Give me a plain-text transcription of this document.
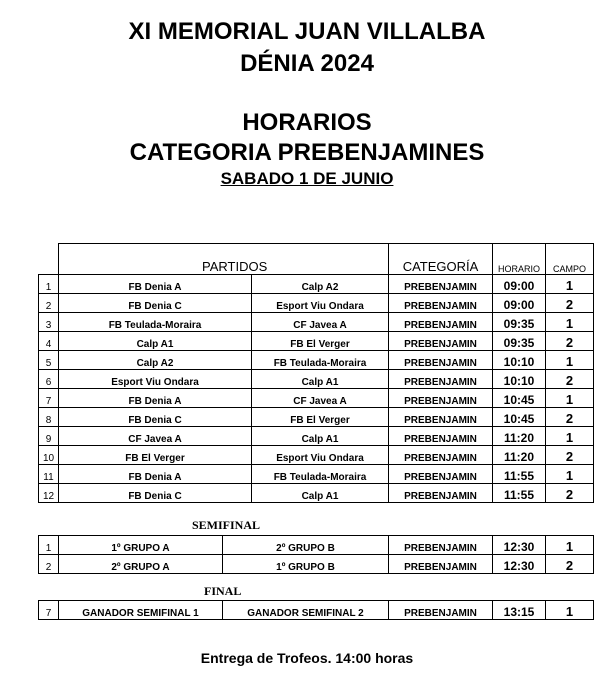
XI MEMORIAL JUAN VILLALBA
DÉNIA 2024
HORARIOS
CATEGORIA PREBENJAMINES
SABADO 1 DE JUNIO
	PARTIDOS		CATEGORÍA	HORARIO	CAMPO
1	FB Denia A	Calp A2	PREBENJAMIN	09:00	1
2	FB Denia C	Esport Viu Ondara	PREBENJAMIN	09:00	2
3	FB Teulada-Moraira	CF Javea A	PREBENJAMIN	09:35	1
4	Calp A1	FB El Verger	PREBENJAMIN	09:35	2
5	Calp A2	FB Teulada-Moraira	PREBENJAMIN	10:10	1
6	Esport Viu Ondara	Calp A1	PREBENJAMIN	10:10	2
7	FB Denia A	CF Javea A	PREBENJAMIN	10:45	1
8	FB Denia C	FB El Verger	PREBENJAMIN	10:45	2
9	CF Javea A	Calp A1	PREBENJAMIN	11:20	1
10	FB El Verger	Esport Viu Ondara	PREBENJAMIN	11:20	2
11	FB Denia A	FB Teulada-Moraira	PREBENJAMIN	11:55	1
12	FB Denia C	Calp A1	PREBENJAMIN	11:55	2
SEMIFINAL
1	1º GRUPO A	2º GRUPO B	PREBENJAMIN	12:30	1
2	2º GRUPO A	1º GRUPO B	PREBENJAMIN	12:30	2
FINAL
7	GANADOR SEMIFINAL 1	GANADOR SEMIFINAL 2	PREBENJAMIN	13:15	1
Entrega de Trofeos. 14:00 horas
